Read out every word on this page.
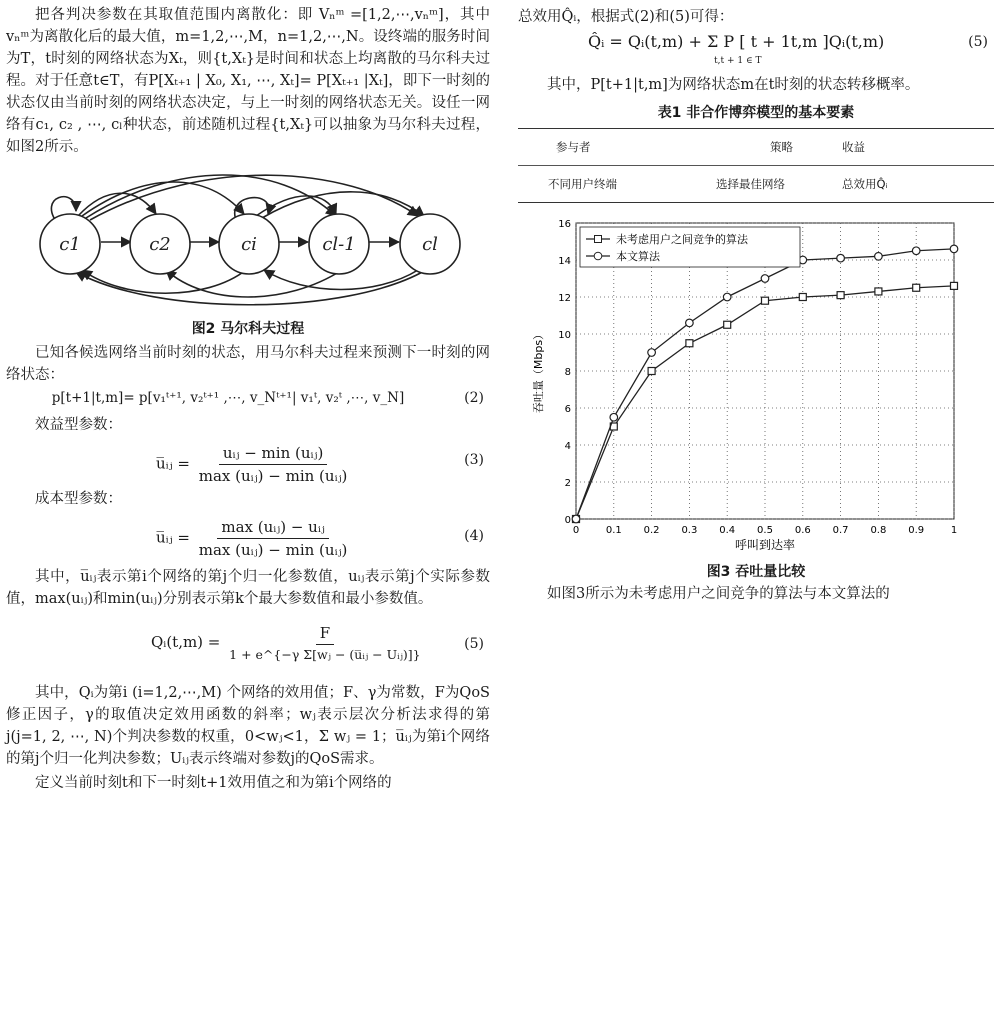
把各判决参数在其取值范围内离散化：即 Vₙᵐ =[1,2,⋯,vₙᵐ]，其中vₙᵐ为离散化后的最大值，m=1,2,⋯,M，n=1,2,⋯,N。设终端的服务时间为T，t时刻的网络状态为Xₜ，则{t,Xₜ}是时间和状态上均离散的马尔科夫过程。对于任意t∈T，有P[Xₜ₊₁ | X₀, X₁, ⋯, Xₜ]= P[Xₜ₊₁ |Xₜ]，即下一时刻的状态仅由当前时刻的网络状态决定，与上一时刻的网络状态无关。设任一网络有c₁, c₂ , ⋯, cₗ种状态，前述随机过程{t,Xₜ}可以抽象为马尔科夫过程，如图2所示。

c1	c2	ci	cl-1	cl
图2 马尔科夫过程

已知各候选网络当前时刻的状态，用马尔科夫过程来预测下一时刻的网络状态：

p[t+1|t,m]= p[v₁ᵗ⁺¹, v₂ᵗ⁺¹ ,⋯, v_Nᵗ⁺¹| v₁ᵗ, v₂ᵗ ,⋯, v_N]	(2)

效益型参数：

u̅ᵢⱼ = $\frac{\text{uᵢⱼ − min (uᵢⱼ)}}{\text{max (uᵢⱼ) − min (uᵢⱼ)}}$	(3)

成本型参数：

u̅ᵢⱼ = $\frac{\text{max (uᵢⱼ) − uᵢⱼ}}{\text{max (uᵢⱼ) − min (uᵢⱼ)}}$	(4)

其中，u̅ᵢⱼ表示第i个网络的第j个归一化参数值，uᵢⱼ表示第j个实际参数值，max(uᵢⱼ)和min(uᵢⱼ)分别表示第k个最大参数值和最小参数值。

Qᵢ(t,m) = $\frac{F}{\text{1 + e\textasciicircum{}\{−γ Σ[wⱼ − (u̅ᵢⱼ − Uᵢⱼ)]\}}}$	(5)

其中，Qᵢ为第i (i=1,2,⋯,M) 个网络的效用值；F、γ为常数，F为QoS修正因子，γ的取值决定效用函数的斜率；wⱼ表示层次分析法求得的第j(j=1, 2, ⋯, N)个判决参数的权重，0<wⱼ<1，Σ wⱼ = 1；u̅ᵢⱼ为第i个网络的第j个归一化判决参数；Uᵢⱼ表示终端对参数j的QoS需求。

定义当前时刻t和下一时刻t+1效用值之和为第i个网络的

总效用Q̂ᵢ，根据式(2)和(5)可得：

Q̂ᵢ = Qᵢ(t,m) + Σ P [ t + 1t,m ]Qᵢ(t,m)
t,t + 1 ∈ T
(5)

其中，P[t+1|t,m]为网络状态m在t时刻的状态转移概率。

表1 非合作博弈模型的基本要素
参与者	策略	收益
不同用户终端	选择最佳网络	总效用Q̂ᵢ
0	0.1 0.2 0.3 0.4 0.5 0.6 0.7 0.8 0.9	1
0
2
4
6
8
10
12
14
16
呼叫到达率
吞吐量（Mbps）
未考虑用户之间竞争的算法
本文算法
图3 吞吐量比较

如图3所示为未考虑用户之间竞争的算法与本文算法的
